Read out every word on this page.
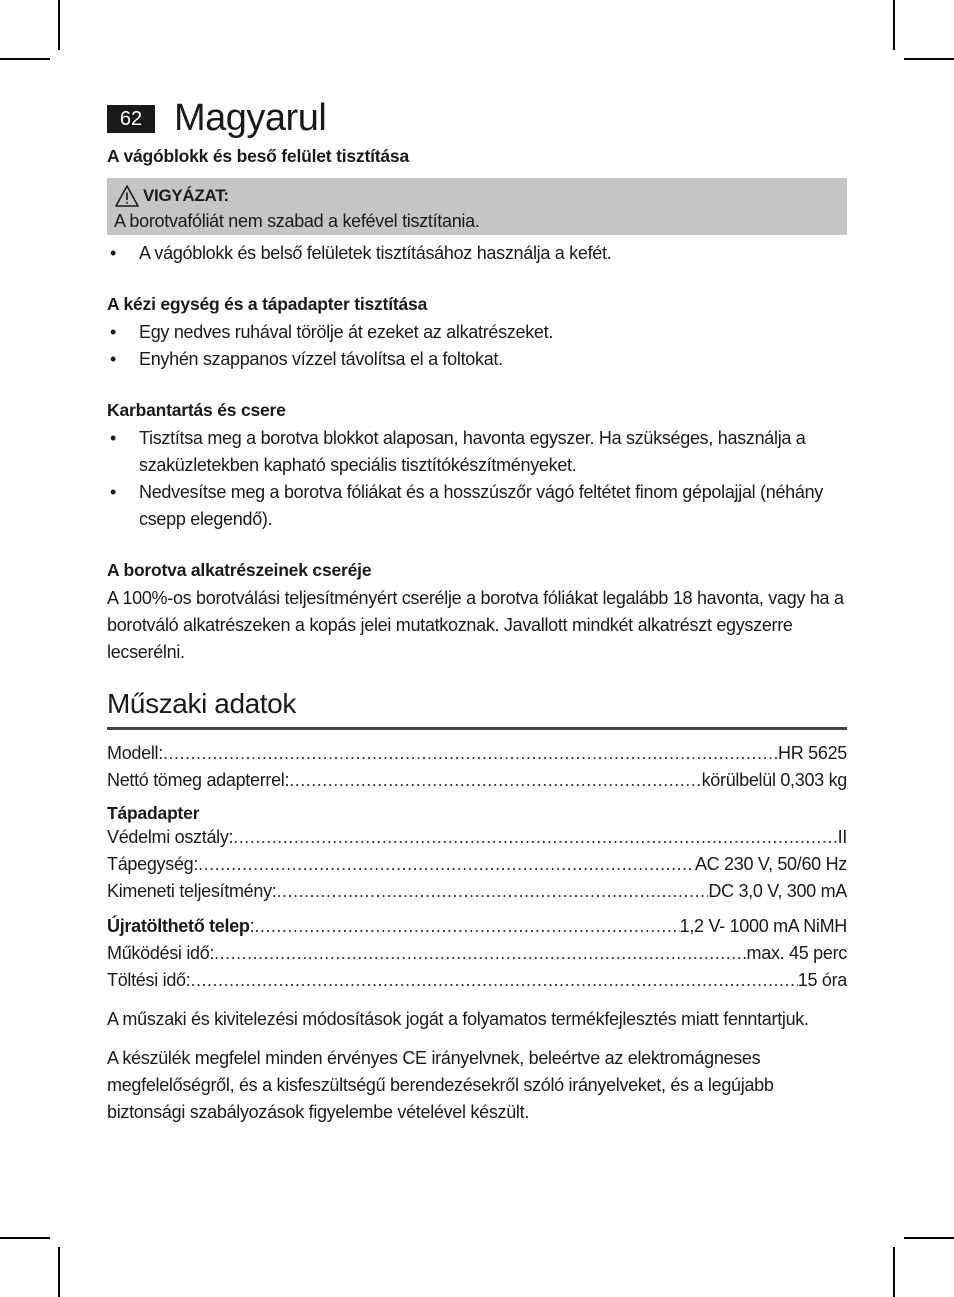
62 Magyarul
A vágóblokk és beső felület tisztítása
VIGYÁZAT:
A borotvafóliát nem szabad a kefével tisztítania.
• A vágóblokk és belső felületek tisztításához használja a kefét.
A kézi egység és a tápadapter tisztítása
• Egy nedves ruhával törölje át ezeket az alkatrészeket.
• Enyhén szappanos vízzel távolítsa el a foltokat.
Karbantartás és csere
• Tisztítsa meg a borotva blokkot alaposan, havonta egyszer. Ha szükséges, használja a szaküzletekben kapható speciális tisztítókészítményeket.
• Nedvesítse meg a borotva fóliákat és a hosszúszőr vágó feltétet finom gépolajjal (néhány csepp elegendő).
A borotva alkatrészeinek cseréje
A 100%-os borotválási teljesítményért cserélje a borotva fóliákat legalább 18 havonta, vagy ha a borotváló alkatrészeken a kopás jelei mutatkoznak. Javallott mindkét alkatrészt egyszerre lecserélni.
Műszaki adatok
Modell: .....	HR 5625
Nettó tömeg adapterrel: .....	körülbelül 0,303 kg
Tápadapter
Védelmi osztály: .....	II
Tápegység: .....	AC 230 V, 50/60 Hz
Kimeneti teljesítmény: .....	DC 3,0 V, 300 mA
Újratölthető telep: .....	1,2 V- 1000 mA NiMH
Működési idő: .....	max. 45 perc
Töltési idő: .....	15 óra
A műszaki és kivitelezési módosítások jogát a folyamatos termékfejlesztés miatt fenntartjuk.
A készülék megfelel minden érvényes CE irányelvnek, beleértve az elektromágneses megfelelőségről, és a kisfeszültségű berendezésekről szóló irányelveket, és a legújabb biztonsági szabályozások figyelembe vételével készült.
